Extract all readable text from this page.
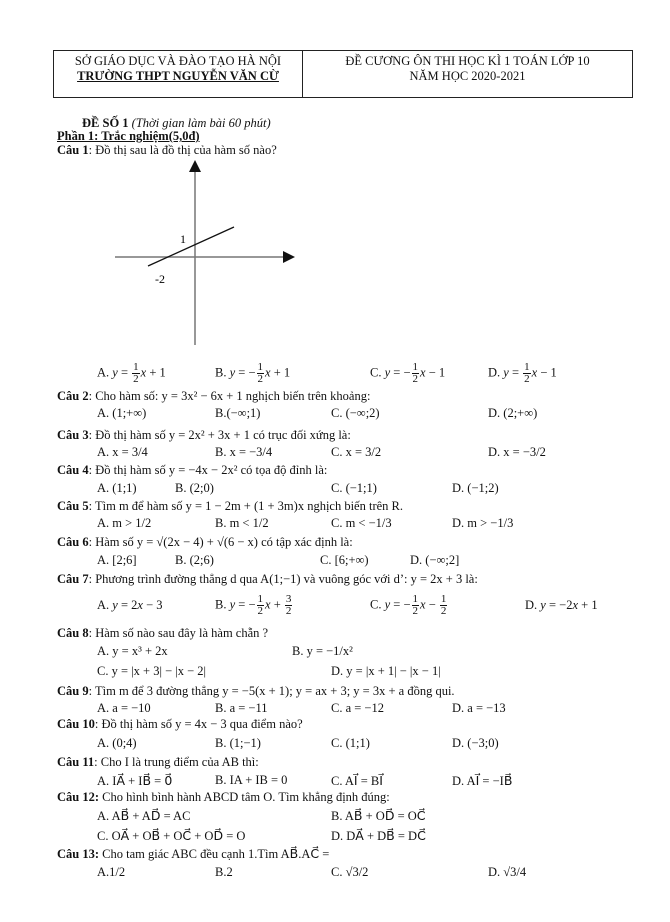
SỞ GIÁO DỤC VÀ ĐÀO TẠO HÀ NỘI
TRƯỜNG THPT NGUYỄN VĂN CỪ
ĐỀ CƯƠNG ÔN THI HỌC KÌ 1 TOÁN LỚP 10
NĂM HỌC 2020-2021
ĐỀ SỐ 1 (Thời gian làm bài 60 phút)
Phần 1: Trắc nghiệm(5,0đ)
Câu 1: Đồ thị sau là đồ thị của hàm số nào?
1
-2
A. $y = \frac{1}{2}$ x + 1	B. y = − $\frac{1}{2}$ x + 1	C. y = − $\frac{1}{2}$ x − 1	D. $y = \frac{1}{2}$ x − 1
Câu 2: Cho hàm số: y = 3x² − 6x + 1 nghịch biến trên khoảng:
A. (1;+∞)	B.(−∞;1)	C. (−∞;2)	D. (2;+∞)
Câu 3: Đồ thị hàm số y = 2x² + 3x + 1 có trục đối xứng là:
A. x = 3/4	B. x = −3/4	C. x = 3/2	D. x = −3/2
Câu 4: Đồ thị hàm số y = −4x − 2x² có tọa độ đỉnh là:
A. (1;1)	B. (2;0)	C. (−1;1)	D. (−1;2)
Câu 5: Tìm m để hàm số y = 1 − 2m + (1 + 3m)x nghịch biến trên R.
A. m > 1/2	B. m < 1/2	C. m < −1/3	D. m > −1/3
Câu 6: Hàm số y = √(2x − 4) + √(6 − x) có tập xác định là:
A. [2;6]	B. (2;6)	C. [6;+∞)	D. (−∞;2]
Câu 7: Phương trình đường thẳng d qua A(1;−1) và vuông góc với d’: y = 2x + 3 là:
A. y = 2x − 3	B. y = − $\frac{1}{2}$ $x + \frac{3}{2}$	C. y = − $\frac{1}{2}$ $x - \frac{1}{2}$	D. y = −2x + 1
Câu 8: Hàm số nào sau đây là hàm chẵn ?
A. y = x³ + 2x	B. y = −1/x²
C. y = |x + 3| − |x − 2|	D. y = |x + 1| − |x − 1|
Câu 9: Tìm m để 3 đường thẳng y = −5(x + 1); y = ax + 3; y = 3x + a đồng qui.
A. a = −10	B. a = −11	C. a = −12	D. a = −13
Câu 10: Đồ thị hàm số y = 4x − 3 qua điểm nào?
A. (0;4)	B. (1;−1)	C. (1;1)	D. (−3;0)
Câu 11: Cho I là trung điểm của AB thì:
A. IA⃗ + IB⃗ = 0⃗	B. IA + IB = 0	C. AI⃗ = BI⃗	D. AI⃗ = −IB⃗
Câu 12: Cho hình bình hành ABCD tâm O. Tìm khẳng định đúng:
A. AB⃗ + AD⃗ = AC	B. AB⃗ + OD⃗ = OC⃗
C. OA⃗ + OB⃗ + OC⃗ + OD⃗ = O	D. DA⃗ + DB⃗ = DC⃗
Câu 13: Cho tam giác ABC đều cạnh 1.Tìm AB⃗.AC⃗ =
A.1/2	B.2	C. √3/2	D. √3/4
